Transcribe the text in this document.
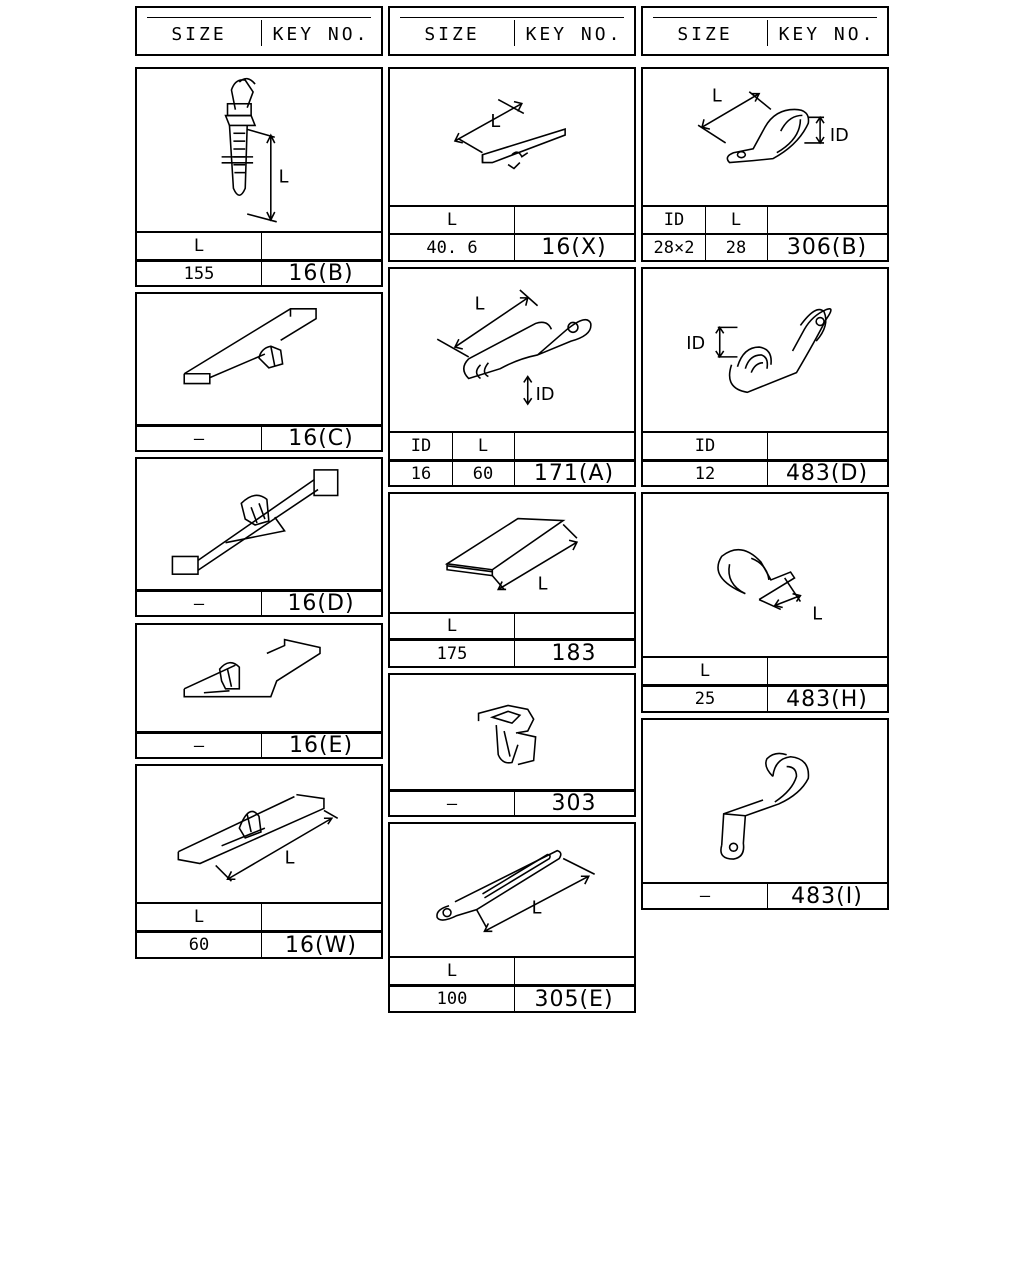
SIZE	KEY NO.	SIZE	KEY NO.	SIZE	KEY NO.
L
L
155	16(B)
–	16(C)
–	16(D)
–	16(E)
L
L
60	16(W)
L
L
40. 6	16(X)
L
ID
ID	L
16	60	171(A)
L
L
175	183
–	303
L
L
100	305(E)
L
ID
ID	L
28×2	28	306(B)
ID
ID
12	483(D)
L
L
25	483(H)
–	483(I)
